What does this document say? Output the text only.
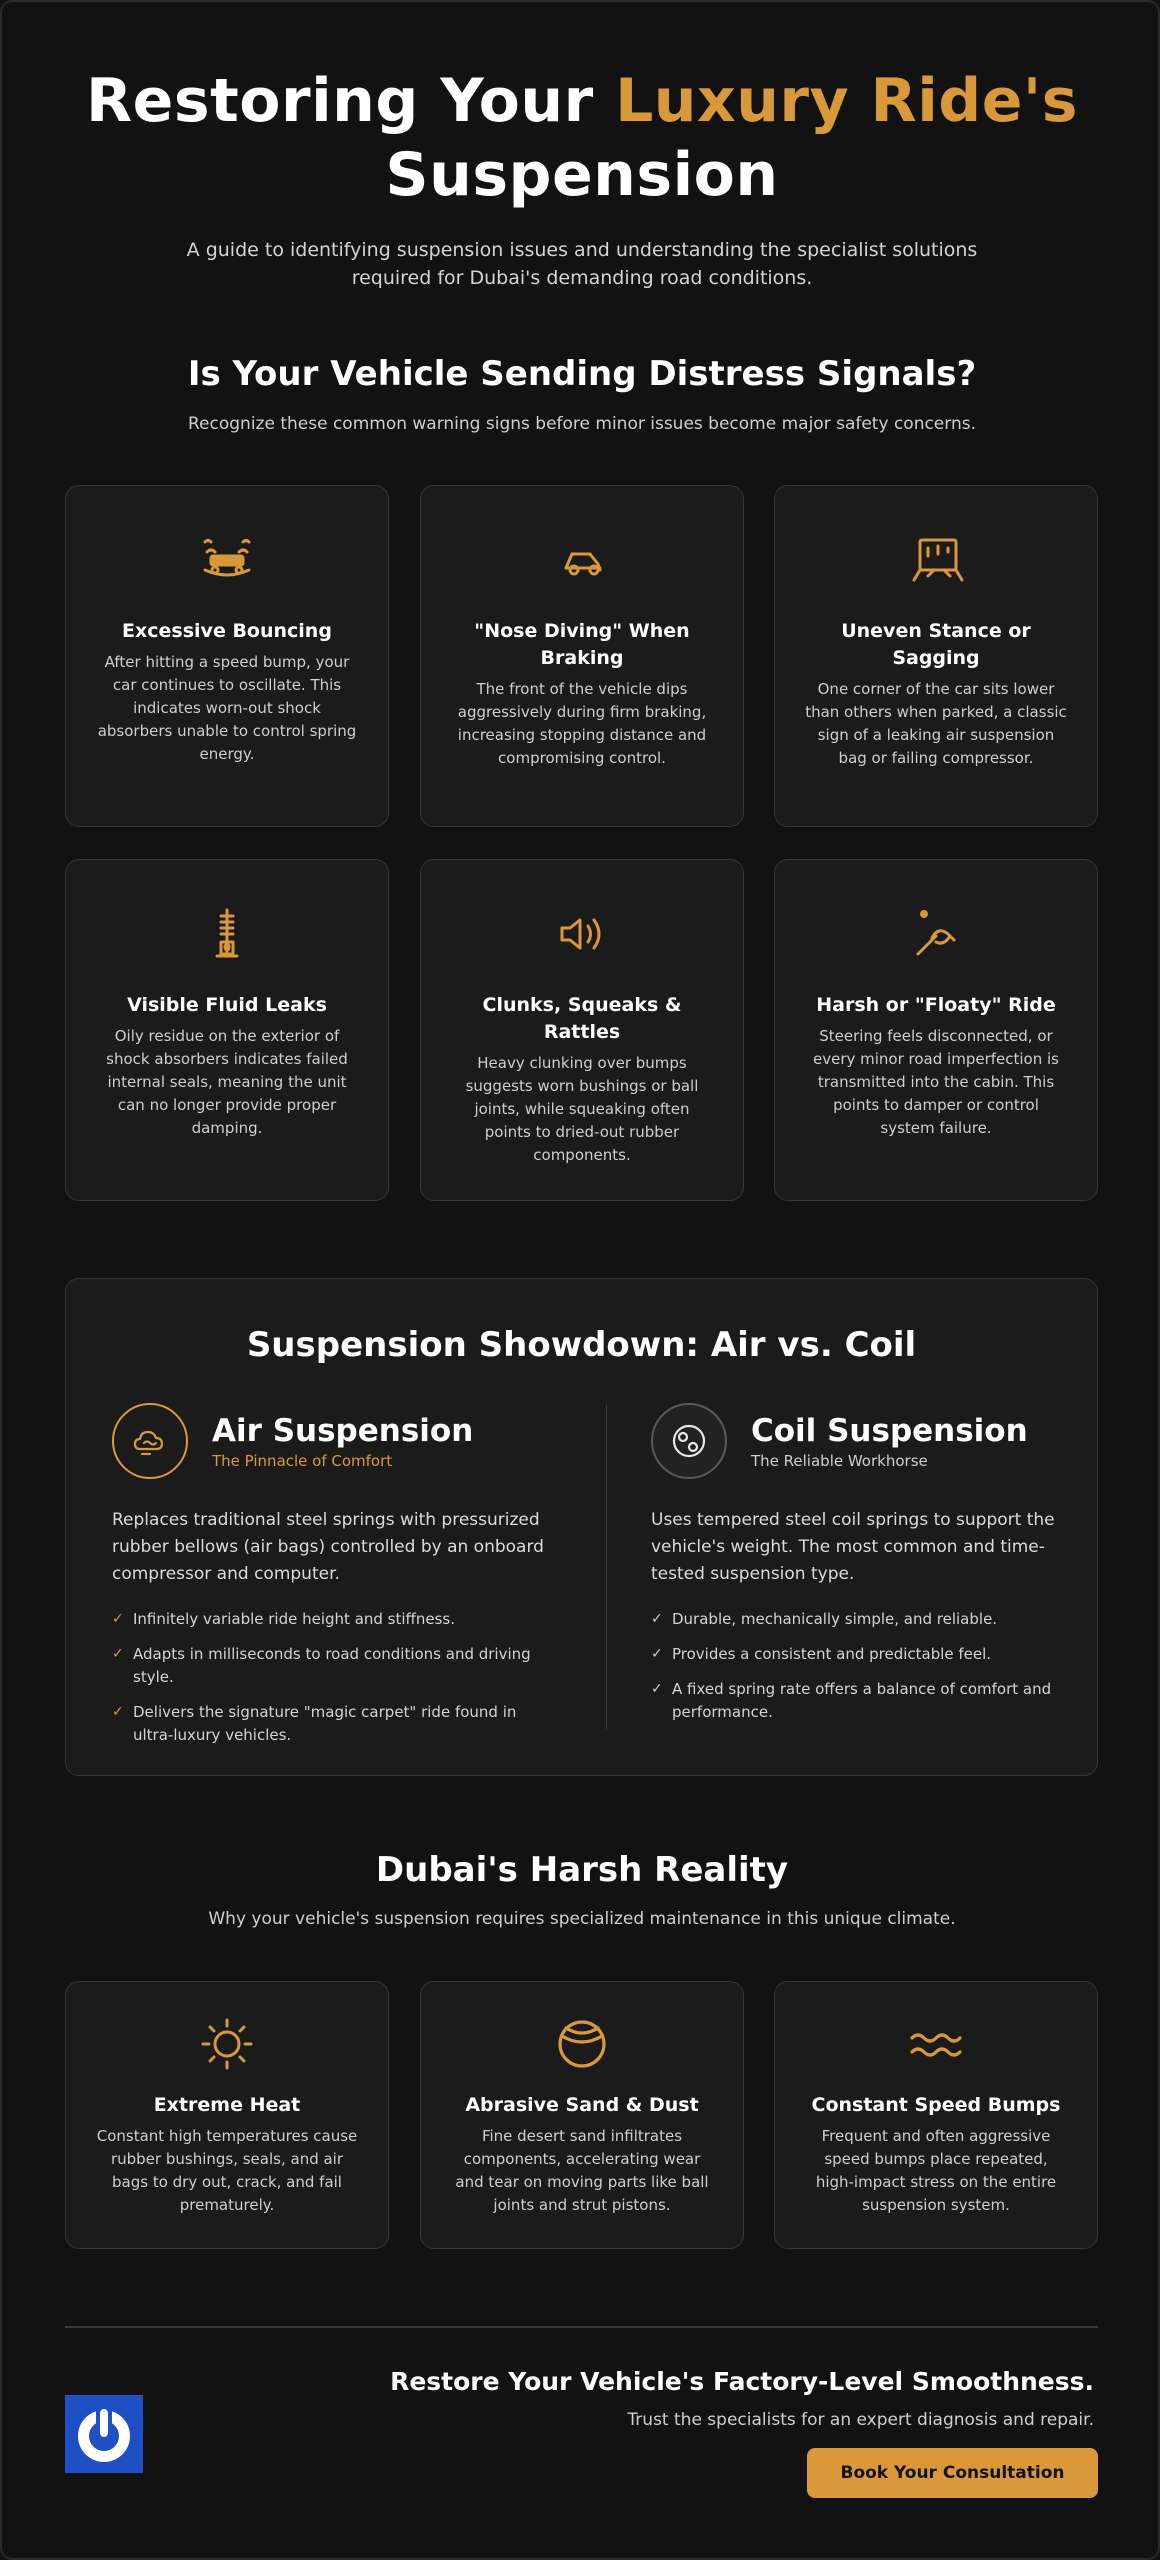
Restoring Your Luxury Ride's
Suspension

A guide to identifying suspension issues and understanding the specialist solutions required for Dubai's demanding road conditions.

Is Your Vehicle Sending Distress Signals?
Recognize these common warning signs before minor issues become major safety concerns.
Excessive Bouncing

After hitting a speed bump, your car continues to oscillate. This indicates worn-out shock absorbers unable to control spring energy.

"Nose Diving" When Braking

The front of the vehicle dips aggressively during firm braking, increasing stopping distance and compromising control.

Uneven Stance or Sagging

One corner of the car sits lower than others when parked, a classic sign of a leaking air suspension bag or failing compressor.

Visible Fluid Leaks

Oily residue on the exterior of shock absorbers indicates failed internal seals, meaning the unit can no longer provide proper damping.

Clunks, Squeaks & Rattles

Heavy clunking over bumps suggests worn bushings or ball joints, while squeaking often points to dried-out rubber components.

Harsh or "Floaty" Ride

Steering feels disconnected, or every minor road imperfection is transmitted into the cabin. This points to damper or control system failure.

Suspension Showdown: Air vs. Coil
Air Suspension
The Pinnacle of Comfort

Replaces traditional steel springs with pressurized rubber bellows (air bags) controlled by an onboard compressor and computer.

✓ Infinitely variable ride height and stiffness.
✓ Adapts in milliseconds to road conditions and driving style.
✓ Delivers the signature "magic carpet" ride found in ultra-luxury vehicles.
Coil Suspension
The Reliable Workhorse

Uses tempered steel coil springs to support the vehicle's weight. The most common and time-tested suspension type.

✓ Durable, mechanically simple, and reliable.
✓ Provides a consistent and predictable feel.
✓ A fixed spring rate offers a balance of comfort and performance.
Dubai's Harsh Reality
Why your vehicle's suspension requires specialized maintenance in this unique climate.
Extreme Heat

Constant high temperatures cause rubber bushings, seals, and air bags to dry out, crack, and fail prematurely.

Abrasive Sand & Dust

Fine desert sand infiltrates components, accelerating wear and tear on moving parts like ball joints and strut pistons.

Constant Speed Bumps

Frequent and often aggressive speed bumps place repeated, high-impact stress on the entire suspension system.

Restore Your Vehicle's Factory-Level Smoothness.

Trust the specialists for an expert diagnosis and repair.

Book Your Consultation
